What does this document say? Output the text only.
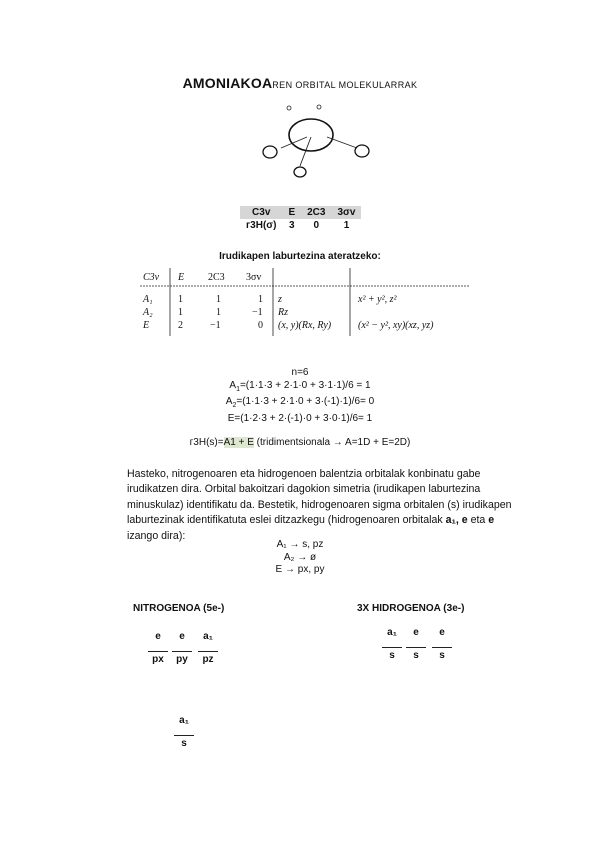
AMONIAKOAREN ORBITAL MOLEKULARRAK
C3v	E	2C3	3σv
г3H(σ)	3	0	1
Irudikapen laburtezina ateratzeko:
C3v E 2C3 3σv
A₁	1	1	1 z	x² + y², z²
A₂	1	1	−1 Rz
E	2	−1	0 (x, y)(Rx, Ry)	(x² − y², xy)(xz, yz)
n=6
$A_1=(1\cdot 1\cdot 3 + 2\cdot 1\cdot 0 + 3\cdot 1\cdot 1)/6 = 1$
$A_2=(1\cdot 1\cdot 3 + 2\cdot 1\cdot 0 + 3\cdot(-1)\cdot 1)/6= 0$
E=(1·2·3 + 2·(-1)·0 + 3·0·1)/6= 1
г3H(s)=A1 + E (tridimentsionala → A=1D + E=2D)
Hasteko, nitrogenoaren eta hidrogenoen balentzia orbitalak konbinatu gabe irudikatzen dira. Orbital bakoitzari dagokion simetria (irudikapen laburtezina minuskulaz) identifikatu da. Bestetik, hidrogenoaren sigma orbitalen (s) irudikapen laburtezinak identifikatuta eslei ditzazkegu (hidrogenoaren orbitalak a₁, e eta e izango dira):
A₁ → s, pz
A₂ → ø
E → px, py
NITROGENOA (5e-)	3X HIDROGENOA (3e-)
e
px
e
py
a₁
pz
a₁
s
a₁
s
e
s
e
s
